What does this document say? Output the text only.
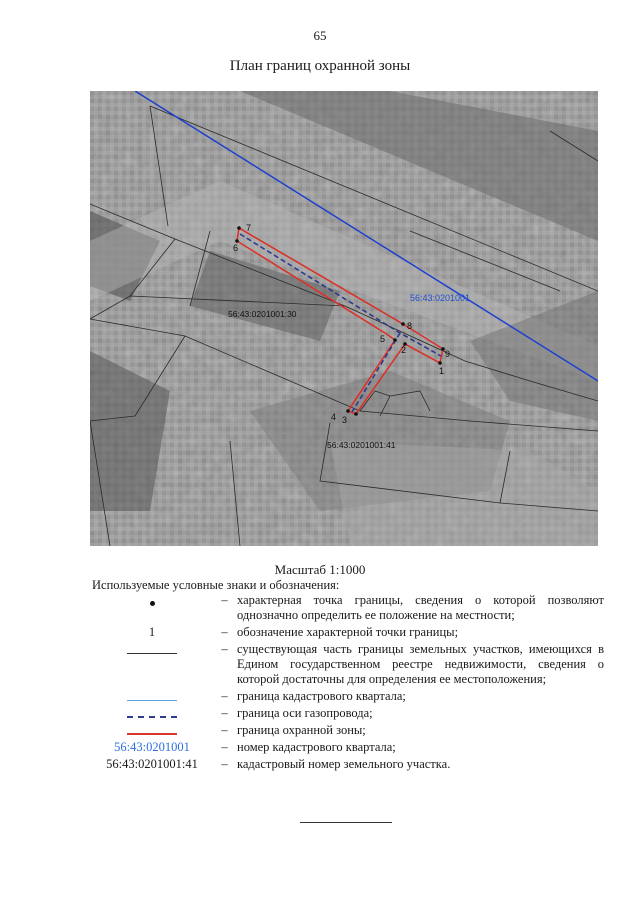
65
План границ охранной зоны
1
2
3
4
5
6
7
8
9
56:43:0201001
56:43:0201001:30
56:43:0201001:41
Масштаб 1:1000
Используемые условные знаки и обозначения:
– характерная точка границы, сведения о которой позволяют однозначно определить ее положение на местности;
1	– обозначение характерной точки границы;
– существующая часть границы земельных участков, имеющихся в Едином государственном реестре недвижимости, сведения о которой достаточны для определения ее местоположения;
– граница кадастрового квартала;
– граница оси газопровода;
– граница охранной зоны;
56:43:0201001	– номер кадастрового квартала;
56:43:0201001:41	– кадастровый номер земельного участка.
